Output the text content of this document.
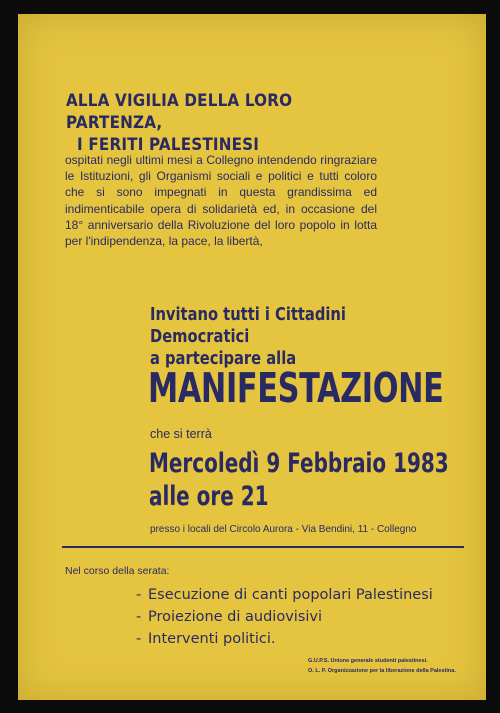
ALLA VIGILIA DELLA LORO PARTENZA,
I FERITI PALESTINESI
ospitati negli ultimi mesi a Collegno intendendo ringraziare le Istituzioni, gli Organismi sociali e politici e tutti coloro che si sono impegnati in questa grandissima ed indimenticabile opera di solidarietà ed, in occasione del 18° anniversario della Rivoluzione del loro popolo in lotta per l'indipendenza, la pace, la libertà,
Invitano tutti i Cittadini Democratici
a partecipare alla
MANIFESTAZIONE
che si terrà
Mercoledì 9 Febbraio 1983
alle ore 21
presso i locali del Circolo Aurora - Via Bendini, 11 - Collegno
Nel corso della serata:
- Esecuzione di canti popolari Palestinesi
- Proiezione di audiovisivi
- Interventi politici.
G.U.P.S. Unione generale studenti palestinesi.
O. L. P. Organizzazione per la liberazione della Palestina.
